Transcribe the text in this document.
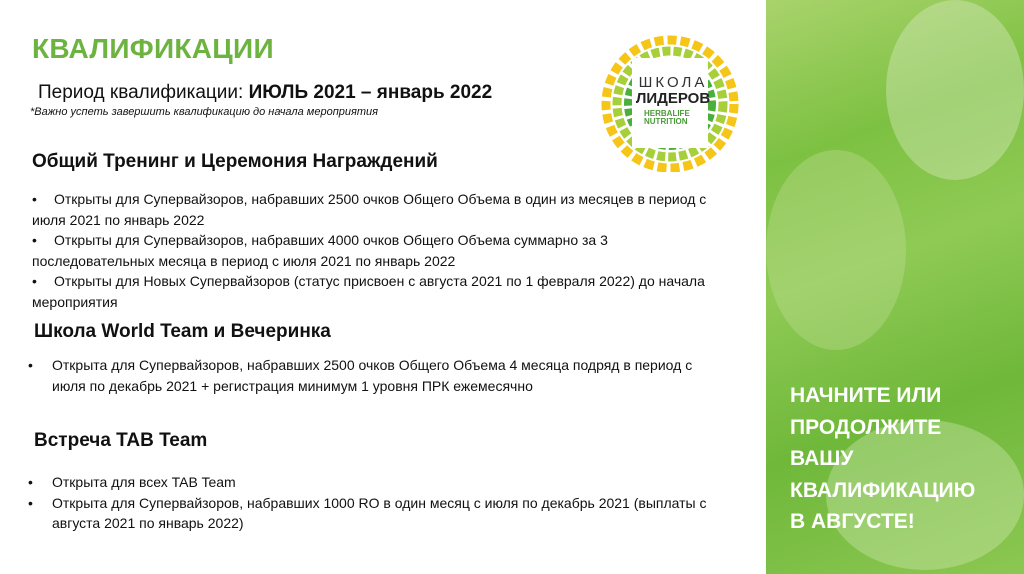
КВАЛИФИКАЦИИ
Период квалификации: ИЮЛЬ 2021 – январь 2022
*Важно успеть завершить квалификацию до начала мероприятия
ШКОЛА
ЛИДЕРОВ
HERBALIFE
NUTRITION
Общий Тренинг и Церемония Награждений
• Открыты для Супервайзоров, набравших 2500 очков Общего Объема в один из месяцев в период с июля 2021 по январь 2022
• Открыты для Супервайзоров, набравших 4000 очков Общего Объема суммарно за 3 последовательных месяца в период с июля 2021 по январь 2022
• Открыты для Новых Супервайзоров (статус присвоен с августа 2021 по 1 февраля 2022) до начала мероприятия
Школа World Team и Вечеринка
• Открыта для Супервайзоров, набравших 2500 очков Общего Объема 4 месяца подряд в период с июля по декабрь 2021 + регистрация минимум 1 уровня ПРК ежемесячно
Встреча TAB Team
• Открыта для всех TAB Team
• Открыта для Супервайзоров, набравших 1000 RO в один месяц с июля по декабрь 2021 (выплаты с августа 2021 по январь 2022)
НАЧНИТЕ ИЛИ
ПРОДОЛЖИТЕ
ВАШУ
КВАЛИФИКАЦИЮ
В АВГУСТЕ!
